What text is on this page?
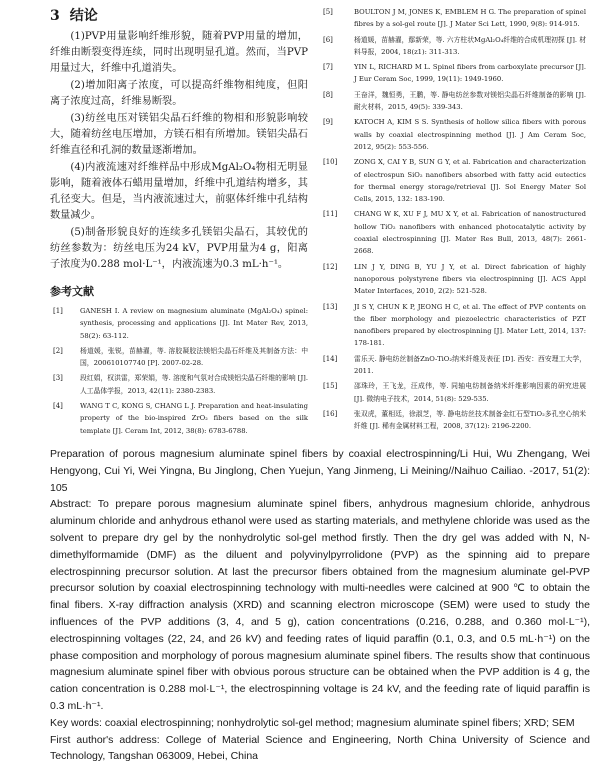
3 结论

(1)PVP用量影响纤维形貌，随着PVP用量的增加，纤维由断裂变得连续，同时出现明显孔道。然而，当PVP用量过大，纤维中孔道消失。

(2)增加阳离子浓度，可以提高纤维物相纯度，但阳离子浓度过高，纤维易断裂。

(3)纺丝电压对镁铝尖晶石纤维的物相和形貌影响较大，随着纺丝电压增加，方镁石相有所增加。镁铝尖晶石纤维直径和孔洞的数量逐渐增加。

(4)内液流速对纤维样品中形成MgAl₂O₄物相无明显影响，随着液体石蜡用量增加，纤维中孔道结构增多，其孔径变大。但是，当内液流速过大，前驱体纤维中孔结构数量减少。

(5)制备形貌良好的连续多孔镁铝尖晶石，其较优的纺丝参数为：纺丝电压为24 kV，PVP用量为4 g，阳离子浓度为0.288 mol·L⁻¹，内液流速为0.3 mL·h⁻¹。

参考文献
[1]	GANESH I. A review on magnesium aluminate (MgAl₂O₄) spinel: synthesis, processing and applications [J]. Int Mater Rev, 2013, 58(2): 63-112.
[2]	杨道媛，张锐，苗赫濯，等. 溶胶凝胶法镁铝尖晶石纤维及其制备方法：中国，200610107740 [P]. 2007-02-28.
[3]	段红娟，权洪雷，郑荣娟，等. 溶度和气氛对合成镁铝尖晶石纤维的影响 [J]. 人工晶体学报，2013, 42(11): 2380-2383.
[4]	WANG T C, KONG S, CHANG L J. Preparation and heat-insulating property of the bio-inspired ZrO₂ fibers based on the silk template [J]. Ceram Int, 2012, 38(8): 6783-6788.
[5]	BOULTON J M, JONES K, EMBLEM H G. The preparation of spinel fibres by a sol-gel route [J]. J Mater Sci Lett, 1990, 9(8): 914-915.
[6]	杨道媛，苗赫濯，鄢新荣，等. 六方柱状MgAl₂O₄纤维的合成机理初探 [J]. 材料导报，2004, 18(z1): 311-313.
[7]	YIN L, RICHARD M L. Spinel fibers from carboxylate precursor [J]. J Eur Ceram Soc, 1999, 19(11): 1949-1960.
[8]	王奋洋，魏恒勇，王鹏，等. 静电纺丝参数对镁铝尖晶石纤维制备的影响 [J]. 耐火材料，2015, 49(5): 339-343.
[9]	KATOCH A, KIM S S. Synthesis of hollow silica fibers with porous walls by coaxial electrospinning method [J]. J Am Ceram Soc, 2012, 95(2): 553-556.
[10] ZONG X, CAI Y B, SUN G Y, et al. Fabrication and characterization of electrospun SiO₂ nanofibers absorbed with fatty acid eutectics for thermal energy storage/retrieval [J]. Sol Energy Mater Sol Cells, 2015, 132: 183-190.
[11] CHANG W K, XU F J, MU X Y, et al. Fabrication of nanostructured hollow TiO₂ nanofibers with enhanced photocatalytic activity by coaxial electrospinning [J]. Mater Res Bull, 2013, 48(7): 2661-2668.
[12] LIN J Y, DING B, YU J Y, et al. Direct fabrication of highly nanoporous polystyrene fibers via electrospinning [J]. ACS Appl Mater Interfaces, 2010, 2(2): 521-528.
[13] JI S Y, CHUN K P, JEONG H C, et al. The effect of PVP contents on the fiber morphology and piezoelectric characteristics of PZT nanofibers prepared by electrospinning [J]. Mater Lett, 2014, 137: 178-181.
[14] 雷乐天. 静电纺丝制备ZnO-TiO₂纳米纤维及表征 [D]. 西安：西安理工大学，2011.
[15] 邵珠玲，王飞龙，汪成伟，等. 同轴电纺制备纳米纤维影响因素的研究进展 [J]. 微纳电子技术，2014, 51(8): 529-535.
[16] 张双虎，董相廷，徐淑芝，等. 静电纺丝技术制备金红石型TiO₂多孔空心纳米纤维 [J]. 稀有金属材料工程，2008, 37(12): 2196-2200.

Preparation of porous magnesium aluminate spinel fibers by coaxial electrospinning/Li Hui, Wu Zhengang, Wei Hengyong, Cui Yi, Wei Yingna, Bu Jinglong, Chen Yuejun, Yang Jinmeng, Li Meining//Naihuo Cailiao. -2017, 51(2): 105

Abstract: To prepare porous magnesium aluminate spinel fibers, anhydrous magnesium chloride, anhydrous aluminum chloride and anhydrous ethanol were used as starting materials, and methylene chloride was used as the solvent to prepare dry gel by the nonhydrolytic sol-gel method firstly. Then the dry gel was added with N, N-dimethylformamide (DMF) as the diluent and polyvinylpyrrolidone (PVP) as the spinning aid to prepare electrospinning precursor solution. At last the precursor fibers obtained from the magnesium aluminate gel-PVP precursor solution by coaxial electrospinning technology with multi-needles were calcined at 900 ℃ to obtain the final fibers. X-ray diffraction analysis (XRD) and scanning electron microscope (SEM) were used to study the influences of the PVP additions (3, 4, and 5 g), cation concentrations (0.216, 0.288, and 0.360 mol·L⁻¹), electrospinning voltages (22, 24, and 26 kV) and feeding rates of liquid paraffin (0.1, 0.3, and 0.5 mL·h⁻¹) on the phase composition and morphology of porous magnesium aluminate spinel fibers. The results show that continuous magnesium aluminate spinel fiber with obvious porous structure can be obtained when the PVP addition is 4 g, the cation concentration is 0.288 mol·L⁻¹, the electrospinning voltage is 24 kV, and the feeding rate of liquid paraffin is 0.3 mL·h⁻¹.

Key words: coaxial electrospinning; nonhydrolytic sol-gel method; magnesium aluminate spinel fibers; XRD; SEM

First author's address: College of Material Science and Engineering, North China University of Science and Technology, Tangshan 063009, Hebei, China
